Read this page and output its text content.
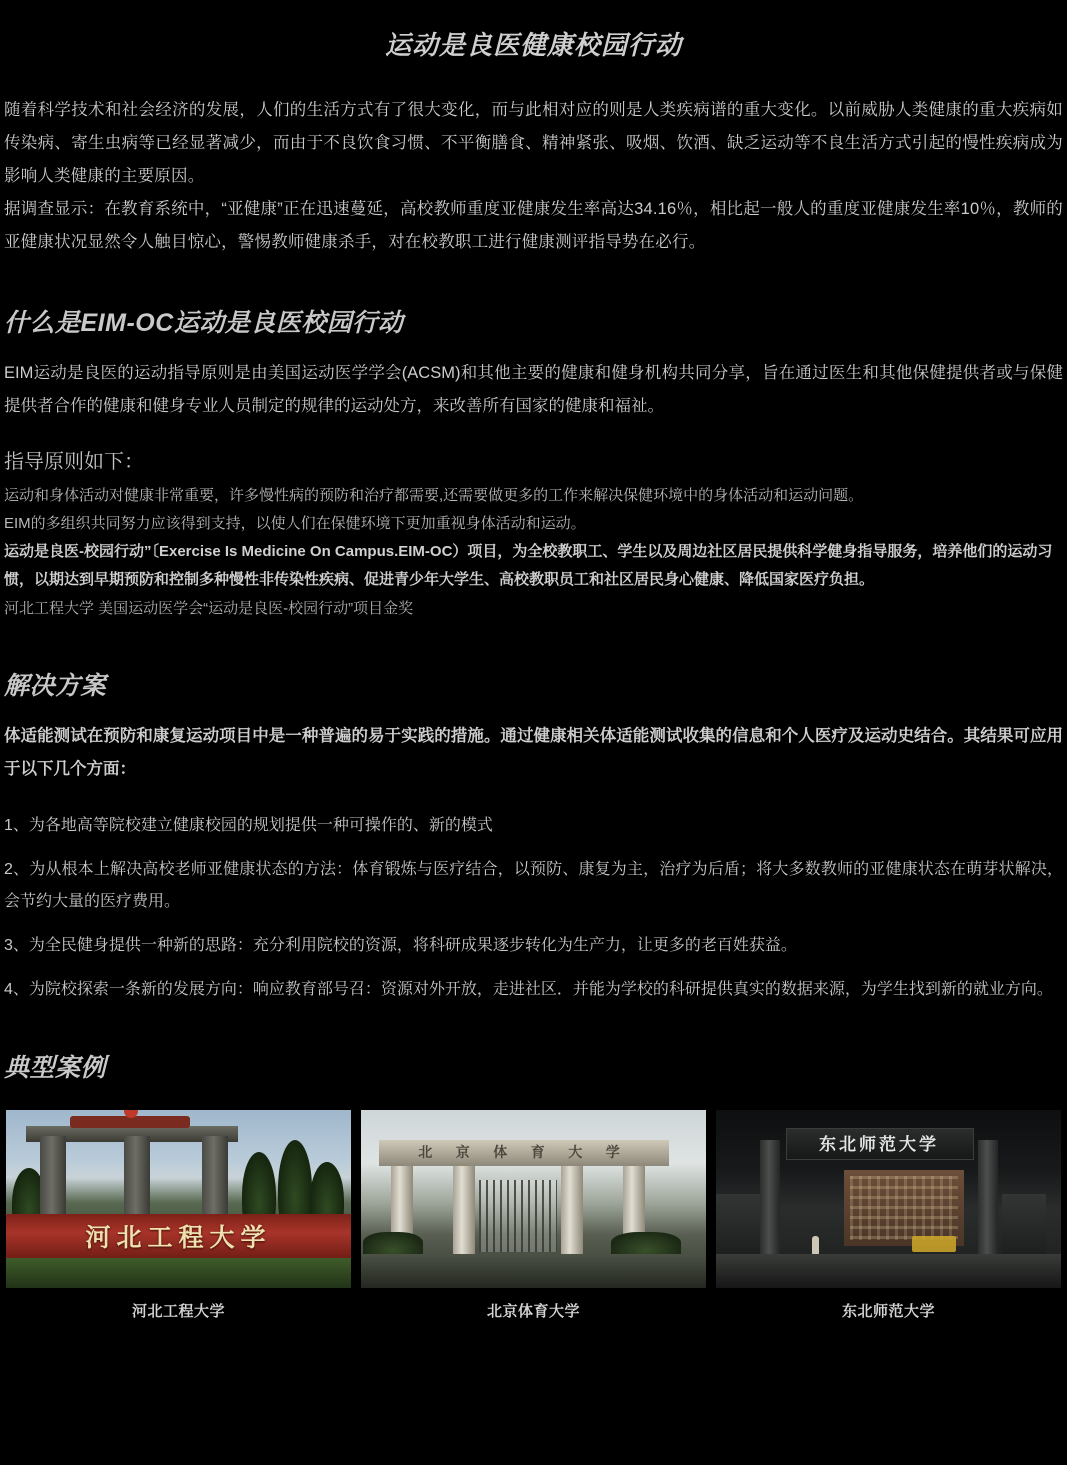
运动是良医健康校园行动

随着科学技术和社会经济的发展，人们的生活方式有了很大变化，而与此相对应的则是人类疾病谱的重大变化。以前威胁人类健康的重大疾病如传染病、寄生虫病等已经显著减少，而由于不良饮食习惯、不平衡膳食、精神紧张、吸烟、饮酒、缺乏运动等不良生活方式引起的慢性疾病成为影响人类健康的主要原因。

据调查显示：在教育系统中，“亚健康”正在迅速蔓延，高校教师重度亚健康发生率高达34.16％，相比起一般人的重度亚健康发生率10％，教师的亚健康状况显然令人触目惊心，警惕教师健康杀手，对在校教职工进行健康测评指导势在必行。

什么是EIM-OC运动是良医校园行动

EIM运动是良医的运动指导原则是由美国运动医学学会(ACSM)和其他主要的健康和健身机构共同分享，旨在通过医生和其他保健提供者或与保健提供者合作的健康和健身专业人员制定的规律的运动处方，来改善所有国家的健康和福祉。

指导原则如下：

运动和身体活动对健康非常重要，许多慢性病的预防和治疗都需要,还需要做更多的工作来解决保健环境中的身体活动和运动问题。

EIM的多组织共同努力应该得到支持，以使人们在保健环境下更加重视身体活动和运动。

运动是良医-校园行动”〔Exercise Is Medicine On Campus.EIM-OC）项目，为全校教职工、学生以及周边社区居民提供科学健身指导服务，培养他们的运动习惯，以期达到早期预防和控制多种慢性非传染性疾病、促进青少年大学生、高校教职员工和社区居民身心健康、降低国家医疗负担。

河北工程大学 美国运动医学会“运动是良医-校园行动”项目金奖

解决方案

体适能测试在预防和康复运动项目中是一种普遍的易于实践的措施。通过健康相关体适能测试收集的信息和个人医疗及运动史结合。其结果可应用于以下几个方面：

1、为各地高等院校建立健康校园的规划提供一种可操作的、新的模式

2、为从根本上解决高校老师亚健康状态的方法：体育锻炼与医疗结合，以预防、康复为主，治疗为后盾；将大多数教师的亚健康状态在萌芽状解决，会节约大量的医疗费用。

3、为全民健身提供一种新的思路：充分利用院校的资源，将科研成果逐步转化为生产力，让更多的老百姓获益。

4、为院校探索一条新的发展方向：响应教育部号召：资源对外开放，走进社区．并能为学校的科研提供真实的数据来源，为学生找到新的就业方向。

典型案例
河北工程大学
河北工程大学
北 京 体 育 大 学
北京体育大学
东北师范大学
东北师范大学
